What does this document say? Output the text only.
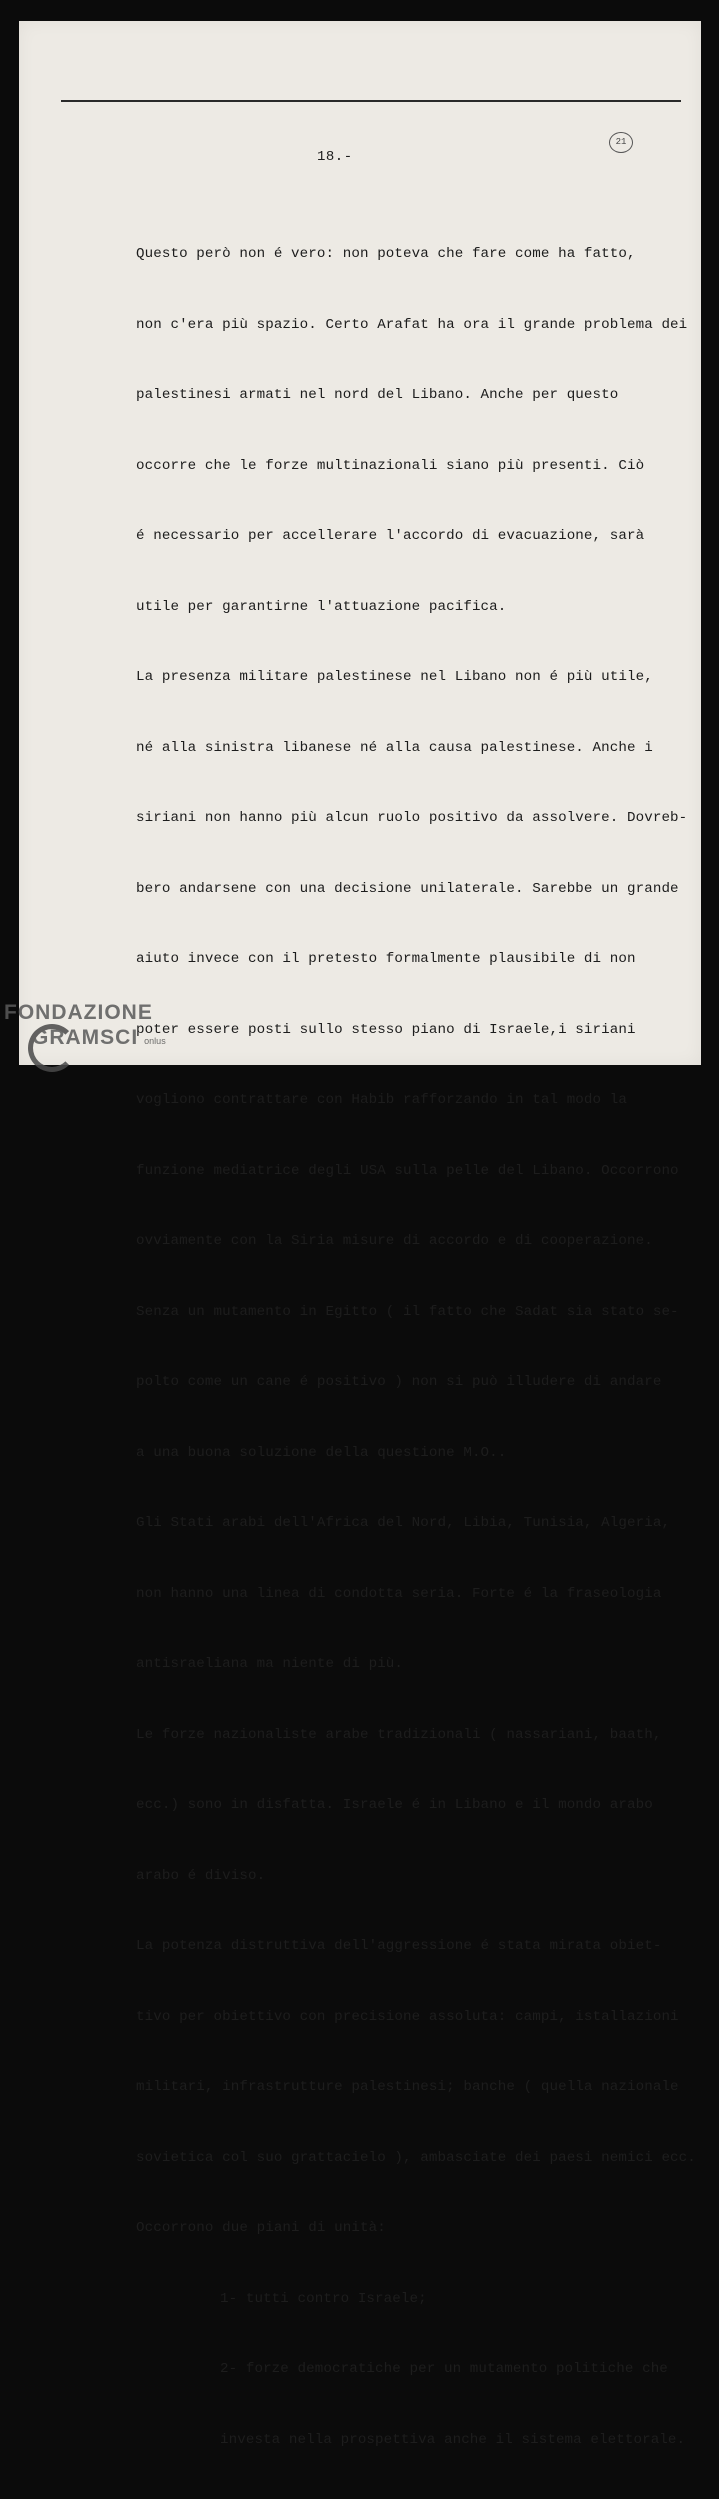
21
18.-

Questo però non é vero: non poteva che fare come ha fatto,

non c'era più spazio. Certo Arafat ha ora il grande problema dei

palestinesi armati nel nord del Libano. Anche per questo

occorre che le forze multinazionali siano più presenti. Ciò

é necessario per accellerare l'accordo di evacuazione, sarà

utile per garantirne l'attuazione pacifica.

La presenza militare palestinese nel Libano non é più utile,

né alla sinistra libanese né alla causa palestinese. Anche i

siriani non hanno più alcun ruolo positivo da assolvere. Dovreb-

bero andarsene con una decisione unilaterale. Sarebbe un grande

aiuto invece con il pretesto formalmente plausibile di non

poter essere posti sullo stesso piano di Israele,i siriani

vogliono contrattare con Habib rafforzando in tal modo la

funzione mediatrice degli USA sulla pelle del Libano. Occorrono

ovviamente con la Siria misure di accordo e di cooperazione.

Senza un mutamento in Egitto ( il fatto che Sadat sia stato se-

polto come un cane é positivo ) non si può illudere di andare

a una buona soluzione della questione M.O..

Gli Stati arabi dell'Africa del Nord, Libia, Tunisia, Algeria,

non hanno una linea di condotta seria. Forte é la fraseologia

antisraeliana ma niente di più.

Le forze nazionaliste arabe tradizionali ( nassariani, baath,

ecc.) sono in disfatta. Israele é in Libano e il mondo arabo

arabo é diviso.

La potenza distruttiva dell'aggressione é stata mirata obiet-

tivo per obiettivo con precisione assoluta: campi, istallazioni

militari, infrastrutture palestinesi; banche ( quella nazionale

sovietica col suo grattacielo ), ambasciate dei paesi nemici ecc.

Occorrono due piani di unità:

1- tutti contro Israele;

2- forze democratiche per un mutamento politiche che

investa nella prospettiva anche il sistema elettorale.

FONDAZIONE
GRAMSCI onlus
